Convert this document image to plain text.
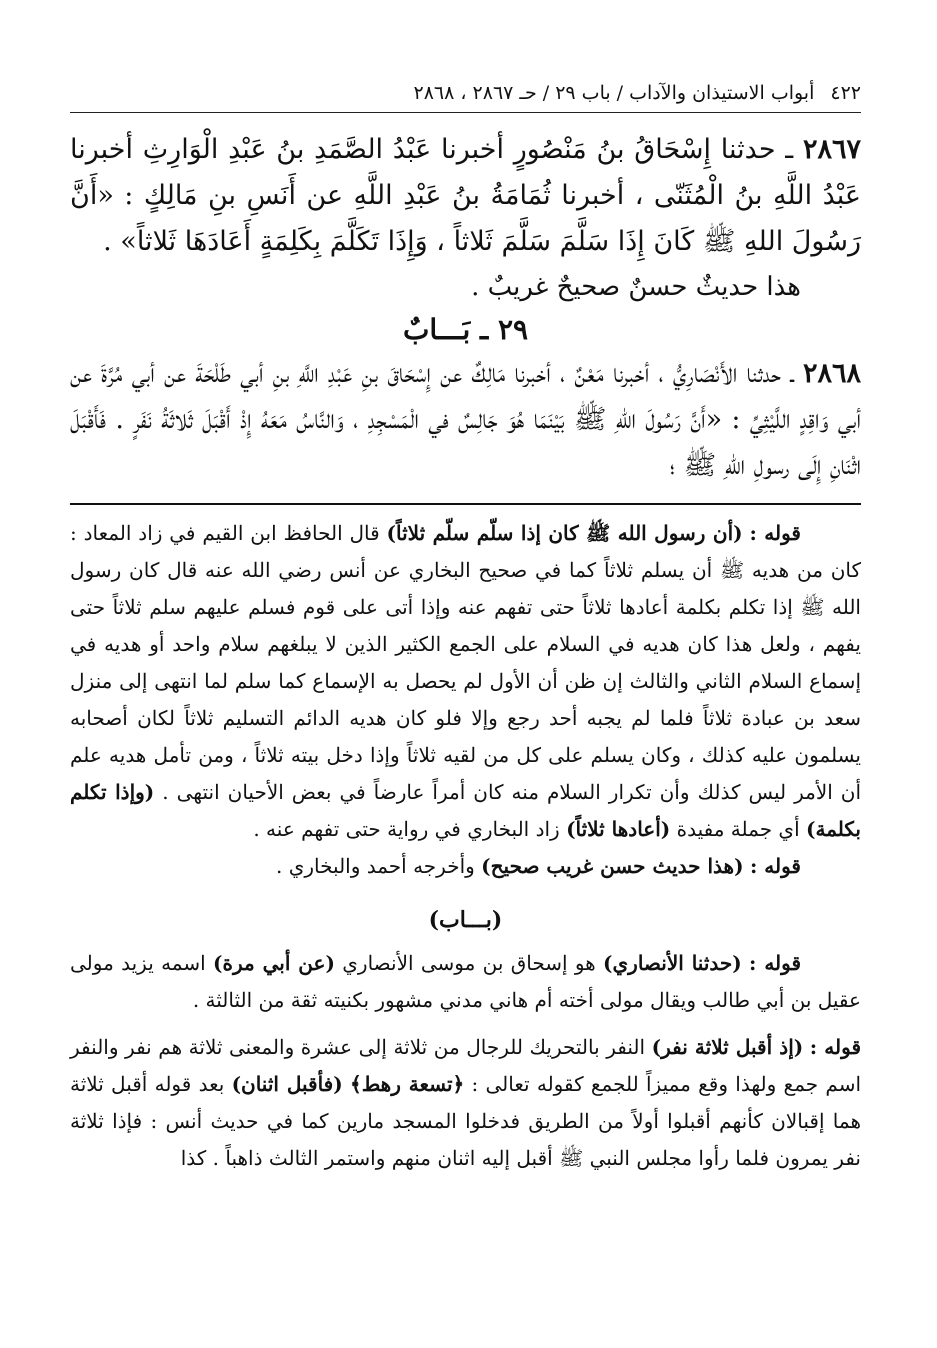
٤٢٢
أبواب الاستيذان والآداب / باب ٢٩ / حـ ٢٨٦٧ ، ٢٨٦٨

٢٨٦٧ ـ حدثنا إِسْحَاقُ بنُ مَنْصُورٍ أخبرنا عَبْدُ الصَّمَدِ بنُ عَبْدِ الْوَارِثِ أخبرنا عَبْدُ اللَّهِ بنُ الْمُثَنّى ، أخبرنا ثُمَامَةُ بنُ عَبْدِ اللَّهِ عن أَنَسِ بنِ مَالِكٍ : «أَنَّ رَسُولَ اللهِ ﷺ كَانَ إِذَا سَلَّمَ سَلَّمَ ثَلاثاً ، وَإِذَا تَكَلَّمَ بِكَلِمَةٍ أَعَادَهَا ثَلاثاً» .

هذا حديثٌ حسنٌ صحيحٌ غريبٌ .

٢٩ ـ بَـــابٌ

٢٨٦٨ ـ حدثنا الأَنْصَارِيُّ ، أخبرنا مَعْنٌ ، أخبرنا مَالِكٌ عن إِسْحَاقَ بنِ عَبْدِ اللَّهِ بنِ أبي طَلْحَةَ عن أبي مُرَّةَ عن أبي وَاقِدٍ اللَّيْثِيِّ : «أَنَّ رَسُولَ اللهِ ﷺ بَيْنَمَا هُوَ جَالِسٌ في الْمَسْجِدِ ، وَالنَّاسُ مَعَهُ إِذْ أَقْبَلَ ثَلاثَةُ نَفَرٍ . فَأَقْبَلَ اثْنَانِ إِلَى رسولِ اللهِ ﷺ ؛

قوله : (أن رسول الله ﷺ كان إذا سلّم سلّم ثلاثاً) قال الحافظ ابن القيم في زاد المعاد : كان من هديه ﷺ أن يسلم ثلاثاً كما في صحيح البخاري عن أنس رضي الله عنه قال كان رسول الله ﷺ إذا تكلم بكلمة أعادها ثلاثاً حتى تفهم عنه وإذا أتى على قوم فسلم عليهم سلم ثلاثاً حتى يفهم ، ولعل هذا كان هديه في السلام على الجمع الكثير الذين لا يبلغهم سلام واحد أو هديه في إسماع السلام الثاني والثالث إن ظن أن الأول لم يحصل به الإسماع كما سلم لما انتهى إلى منزل سعد بن عبادة ثلاثاً فلما لم يجبه أحد رجع وإلا فلو كان هديه الدائم التسليم ثلاثاً لكان أصحابه يسلمون عليه كذلك ، وكان يسلم على كل من لقيه ثلاثاً وإذا دخل بيته ثلاثاً ، ومن تأمل هديه علم أن الأمر ليس كذلك وأن تكرار السلام منه كان أمراً عارضاً في بعض الأحيان انتهى . (وإذا تكلم بكلمة) أي جملة مفيدة (أعادها ثلاثاً) زاد البخاري في رواية حتى تفهم عنه .

قوله : (هذا حديث حسن غريب صحيح) وأخرجه أحمد والبخاري .

(بـــاب)

قوله : (حدثنا الأنصاري) هو إسحاق بن موسى الأنصاري (عن أبي مرة) اسمه يزيد مولى عقيل بن أبي طالب ويقال مولى أخته أم هاني مدني مشهور بكنيته ثقة من الثالثة .

قوله : (إذ أقبل ثلاثة نفر) النفر بالتحريك للرجال من ثلاثة إلى عشرة والمعنى ثلاثة هم نفر والنفر اسم جمع ولهذا وقع مميزاً للجمع كقوله تعالى : ﴿تسعة رهط﴾ (فأقبل اثنان) بعد قوله أقبل ثلاثة هما إقبالان كأنهم أقبلوا أولاً من الطريق فدخلوا المسجد مارين كما في حديث أنس : فإذا ثلاثة نفر يمرون فلما رأوا مجلس النبي ﷺ أقبل إليه اثنان منهم واستمر الثالث ذاهباً . كذا
